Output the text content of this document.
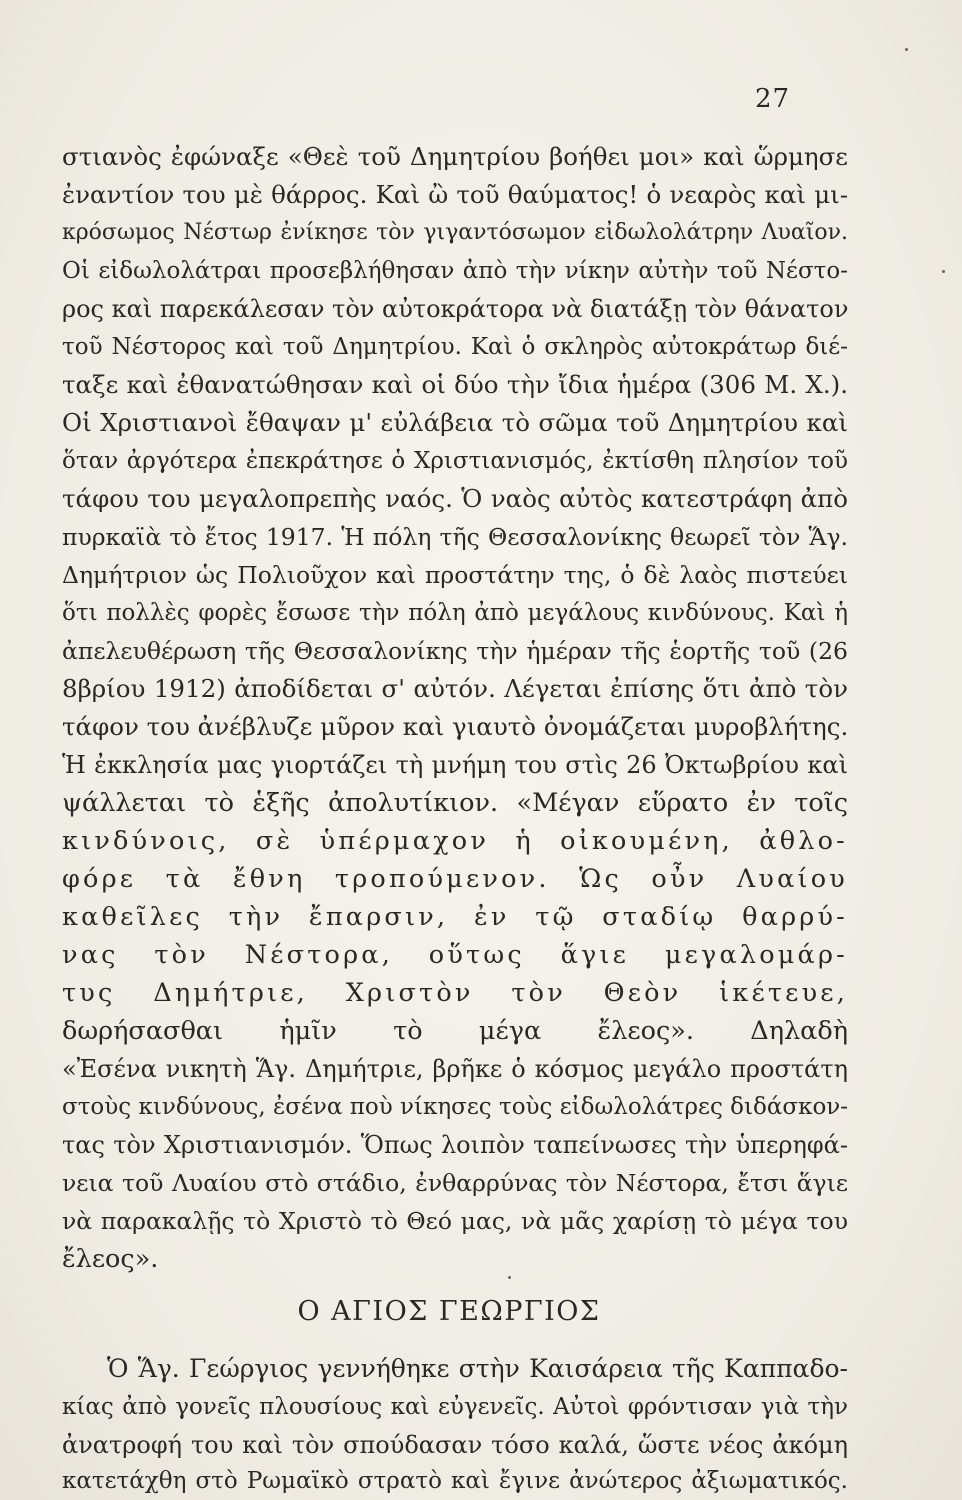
27
στιανὸς ἐφώναξε «Θεὲ τοῦ Δημητρίου βοήθει μοι» καὶ ὥρμησε
ἐναντίον του μὲ θάρρος. Καὶ ὢ τοῦ θαύματος! ὁ νεαρὸς καὶ μι-
κρόσωμος Νέστωρ ἐνίκησε τὸν γιγαντόσωμον εἰδωλολάτρην Λυαῖον.
Οἱ εἰδωλολάτραι προσεβλήθησαν ἀπὸ τὴν νίκην αὐτὴν τοῦ Νέστο-
ρος καὶ παρεκάλεσαν τὸν αὐτοκράτορα νὰ διατάξῃ τὸν θάνατον
τοῦ Νέστορος καὶ τοῦ Δημητρίου. Καὶ ὁ σκληρὸς αὐτοκράτωρ διέ-
ταξε καὶ ἐθανατώθησαν καὶ οἱ δύο τὴν ἴδια ἡμέρα (306 Μ. Χ.).
Οἱ Χριστιανοὶ ἔθαψαν μ' εὐλάβεια τὸ σῶμα τοῦ Δημητρίου καὶ
ὅταν ἀργότερα ἐπεκράτησε ὁ Χριστιανισμός, ἐκτίσθη πλησίον τοῦ
τάφου του μεγαλοπρεπὴς ναός. Ὁ ναὸς αὐτὸς κατεστράφη ἀπὸ
πυρκαϊὰ τὸ ἔτος 1917. Ἡ πόλη τῆς Θεσσαλονίκης θεωρεῖ τὸν Ἅγ.
Δημήτριον ὡς Πολιοῦχον καὶ προστάτην της, ὁ δὲ λαὸς πιστεύει
ὅτι πολλὲς φορὲς ἔσωσε τὴν πόλη ἀπὸ μεγάλους κινδύνους. Καὶ ἡ
ἀπελευθέρωση τῆς Θεσσαλονίκης τὴν ἡμέραν τῆς ἑορτῆς τοῦ (26
8βρίου 1912) ἀποδίδεται σ' αὐτόν. Λέγεται ἐπίσης ὅτι ἀπὸ τὸν
τάφον του ἀνέβλυζε μῦρον καὶ γιαυτὸ ὀνομάζεται μυροβλήτης.
Ἡ ἐκκλησία μας γιορτάζει τὴ μνήμη του στὶς 26 Ὀκτωβρίου καὶ
ψάλλεται τὸ ἑξῆς ἀπολυτίκιον. «Μέγαν εὕρατο ἐν τοῖς
κινδύνοις, σὲ ὑπέρμαχον ἡ οἰκουμένη, ἀθλο-
φόρε τὰ ἔθνη τροπούμενον. Ὡς οὖν Λυαίου
καθεῖλες τὴν ἔπαρσιν, ἐν τῷ σταδίῳ θαρρύ-
νας τὸν Νέστορα, οὕτως ἅγιε μεγαλομάρ-
τυς Δημήτριε, Χριστὸν τὸν Θεὸν ἱκέτευε,
δωρήσασθαι ἡμῖν τὸ μέγα ἔλεος». Δηλαδὴ
«Ἐσένα νικητὴ Ἅγ. Δημήτριε, βρῆκε ὁ κόσμος μεγάλο προστάτη
στοὺς κινδύνους, ἐσένα ποὺ νίκησες τοὺς εἰδωλολάτρες διδάσκον-
τας τὸν Χριστιανισμόν. Ὅπως λοιπὸν ταπείνωσες τὴν ὑπερηφά-
νεια τοῦ Λυαίου στὸ στάδιο, ἐνθαρρύνας τὸν Νέστορα, ἔτσι ἅγιε
νὰ παρακαλῇς τὸ Χριστὸ τὸ Θεό μας, νὰ μᾶς χαρίσῃ τὸ μέγα του
ἔλεος».
Ο ΑΓΙΟΣ ΓΕΩΡΓΙΟΣ
Ὁ Ἅγ. Γεώργιος γεννήθηκε στὴν Καισάρεια τῆς Καππαδο-
κίας ἀπὸ γονεῖς πλουσίους καὶ εὐγενεῖς. Αὐτοὶ φρόντισαν γιὰ τὴν
ἀνατροφή του καὶ τὸν σπούδασαν τόσο καλά, ὥστε νέος ἀκόμη
κατετάχθη στὸ Ρωμαϊκὸ στρατὸ καὶ ἔγινε ἀνώτερος ἀξιωματικός.
